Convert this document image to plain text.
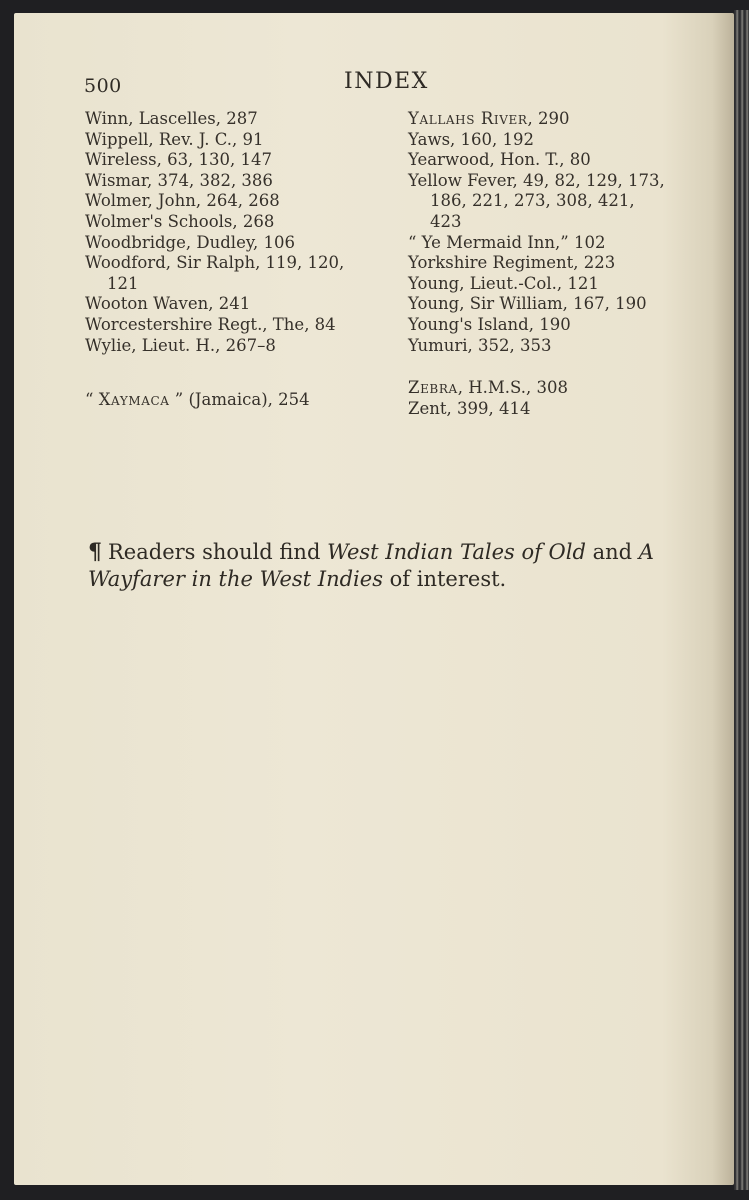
500	INDEX
Winn, Lascelles, 287
Wippell, Rev. J. C., 91
Wireless, 63, 130, 147
Wismar, 374, 382, 386
Wolmer, John, 264, 268
Wolmer's Schools, 268
Woodbridge, Dudley, 106
Woodford, Sir Ralph, 119, 120,
121
Wooton Waven, 241
Worcestershire Regt., The, 84
Wylie, Lieut. H., 267–8
“ Xaymaca ” (Jamaica), 254
Yallahs River, 290
Yaws, 160, 192
Yearwood, Hon. T., 80
Yellow Fever, 49, 82, 129, 173,
186, 221, 273, 308, 421,
423
“ Ye Mermaid Inn,” 102
Yorkshire Regiment, 223
Young, Lieut.-Col., 121
Young, Sir William, 167, 190
Young's Island, 190
Yumuri, 352, 353
Zebra, H.M.S., 308
Zent, 399, 414
¶ Readers should find West Indian Tales of Old and A Wayfarer in the West Indies of interest.
